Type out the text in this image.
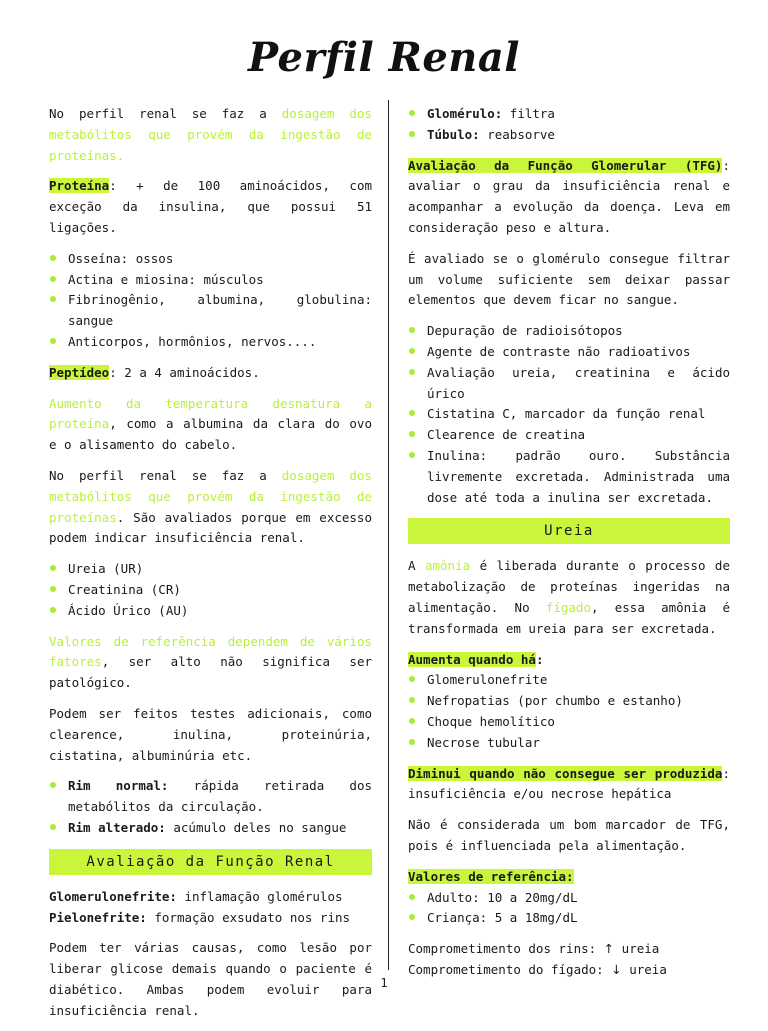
Perfil Renal

No perfil renal se faz a dosagem dos metabólitos que provém da ingestão de proteínas.

Proteína: + de 100 aminoácidos, com exceção da insulina, que possui 51 ligações.

Osseína: ossos
Actina e miosina: músculos
Fibrinogênio, albumina, globulina: sangue
Anticorpos, hormônios, nervos....

Peptídeo: 2 a 4 aminoácidos.

Aumento da temperatura desnatura a proteína, como a albumina da clara do ovo e o alisamento do cabelo.

No perfil renal se faz a dosagem dos metabólitos que provém da ingestão de proteínas. São avaliados porque em excesso podem indicar insuficiência renal.

Ureia (UR)
Creatinina (CR)
Ácido Úrico (AU)

Valores de referência dependem de vários fatores, ser alto não significa ser patológico.

Podem ser feitos testes adicionais, como clearence, inulina, proteinúria, cistatina, albuminúria etc.

Rim normal: rápida retirada dos metabólitos da circulação.
Rim alterado: acúmulo deles no sangue
Avaliação da Função Renal
Glomerulonefrite: inflamação glomérulos
Pielonefrite: formação exsudato nos rins

Podem ter várias causas, como lesão por liberar glicose demais quando o paciente é diabético. Ambas podem evoluir para insuficiência renal.

Glomérulo: filtra
Túbulo: reabsorve

Avaliação da Função Glomerular (TFG): avaliar o grau da insuficiência renal e acompanhar a evolução da doença. Leva em consideração peso e altura.

É avaliado se o glomérulo consegue filtrar um volume suficiente sem deixar passar elementos que devem ficar no sangue.

Depuração de radioisótopos
Agente de contraste não radioativos
Avaliação ureia, creatinina e ácido úrico
Cistatina C, marcador da função renal
Clearence de creatina
Inulina: padrão ouro. Substância livremente excretada. Administrada uma dose até toda a inulina ser excretada.
Ureia

A amônia é liberada durante o processo de metabolização de proteínas ingeridas na alimentação. No fígado, essa amônia é transformada em ureia para ser excretada.

Aumenta quando há:
Glomerulonefrite
Nefropatias (por chumbo e estanho)
Choque hemolítico
Necrose tubular

Diminui quando não consegue ser produzida: insuficiência e/ou necrose hepática

Não é considerada um bom marcador de TFG, pois é influenciada pela alimentação.

Valores de referência:
Adulto: 10 a 20mg/dL
Criança: 5 a 18mg/dL
Comprometimento dos rins: ↑ ureia
Comprometimento do fígado: ↓ ureia
1
